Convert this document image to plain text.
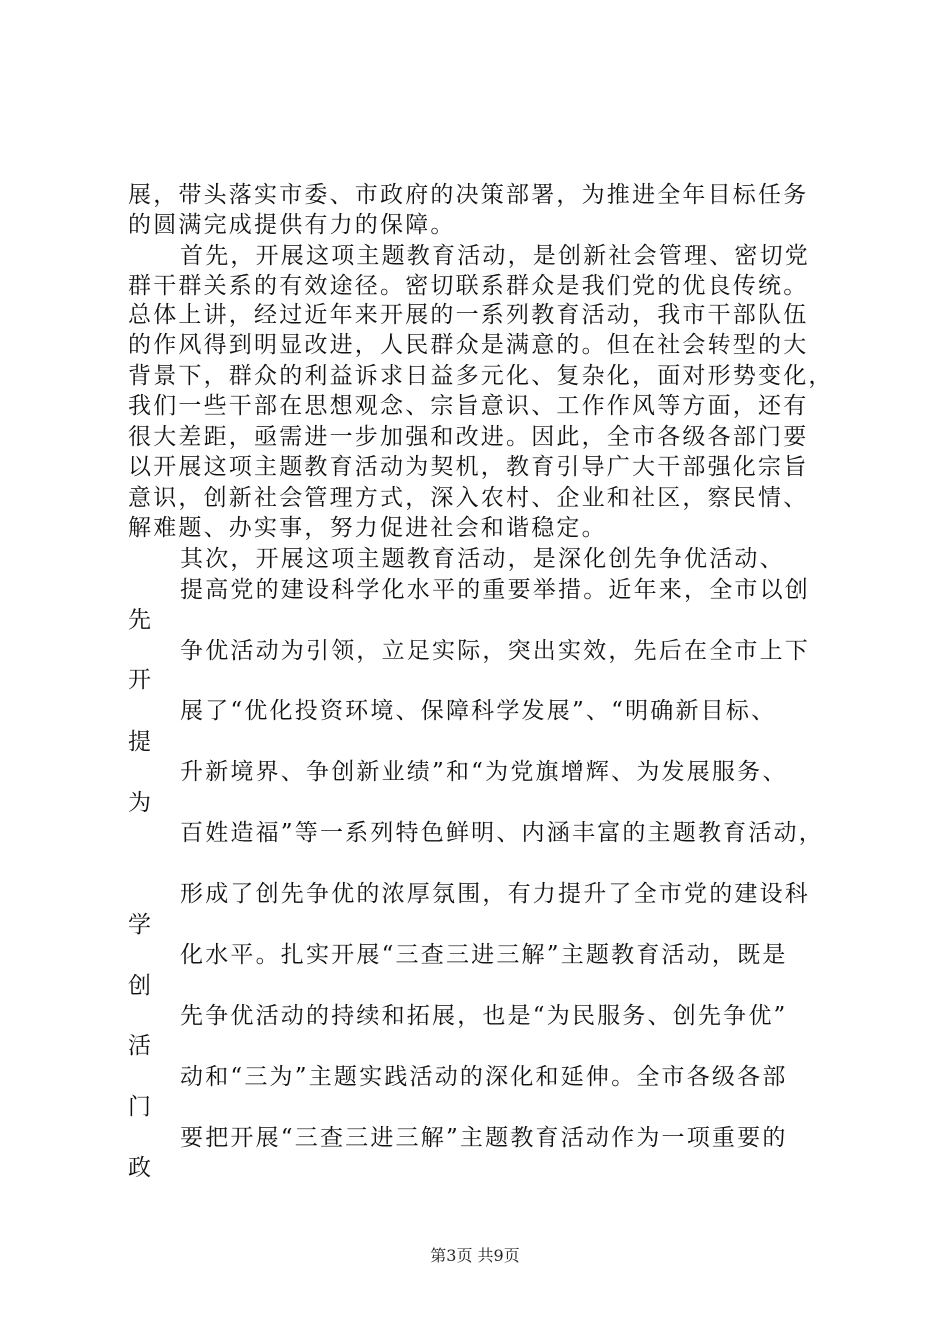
展，带头落实市委、市政府的决策部署，为推进全年目标任务
的圆满完成提供有力的保障。
首先，开展这项主题教育活动，是创新社会管理、密切党
群干群关系的有效途径。密切联系群众是我们党的优良传统。
总体上讲，经过近年来开展的一系列教育活动，我市干部队伍
的作风得到明显改进，人民群众是满意的。但在社会转型的大
背景下，群众的利益诉求日益多元化、复杂化，面对形势变化，
我们一些干部在思想观念、宗旨意识、工作作风等方面，还有
很大差距，亟需进一步加强和改进。因此，全市各级各部门要
以开展这项主题教育活动为契机，教育引导广大干部强化宗旨
意识，创新社会管理方式，深入农村、企业和社区，察民情、
解难题、办实事，努力促进社会和谐稳定。
其次，开展这项主题教育活动，是深化创先争优活动、
提高党的建设科学化水平的重要举措。近年来，全市以创
先
争优活动为引领，立足实际，突出实效，先后在全市上下
开
展了“优化投资环境、保障科学发展”、“明确新目标、
提
升新境界、争创新业绩”和“为党旗增辉、为发展服务、
为
百姓造福”等一系列特色鲜明、内涵丰富的主题教育活动，
形成了创先争优的浓厚氛围，有力提升了全市党的建设科
学
化水平。扎实开展“三查三进三解”主题教育活动，既是
创
先争优活动的持续和拓展，也是“为民服务、创先争优”
活
动和“三为”主题实践活动的深化和延伸。全市各级各部
门
要把开展“三查三进三解”主题教育活动作为一项重要的
政
第3页 共9页
